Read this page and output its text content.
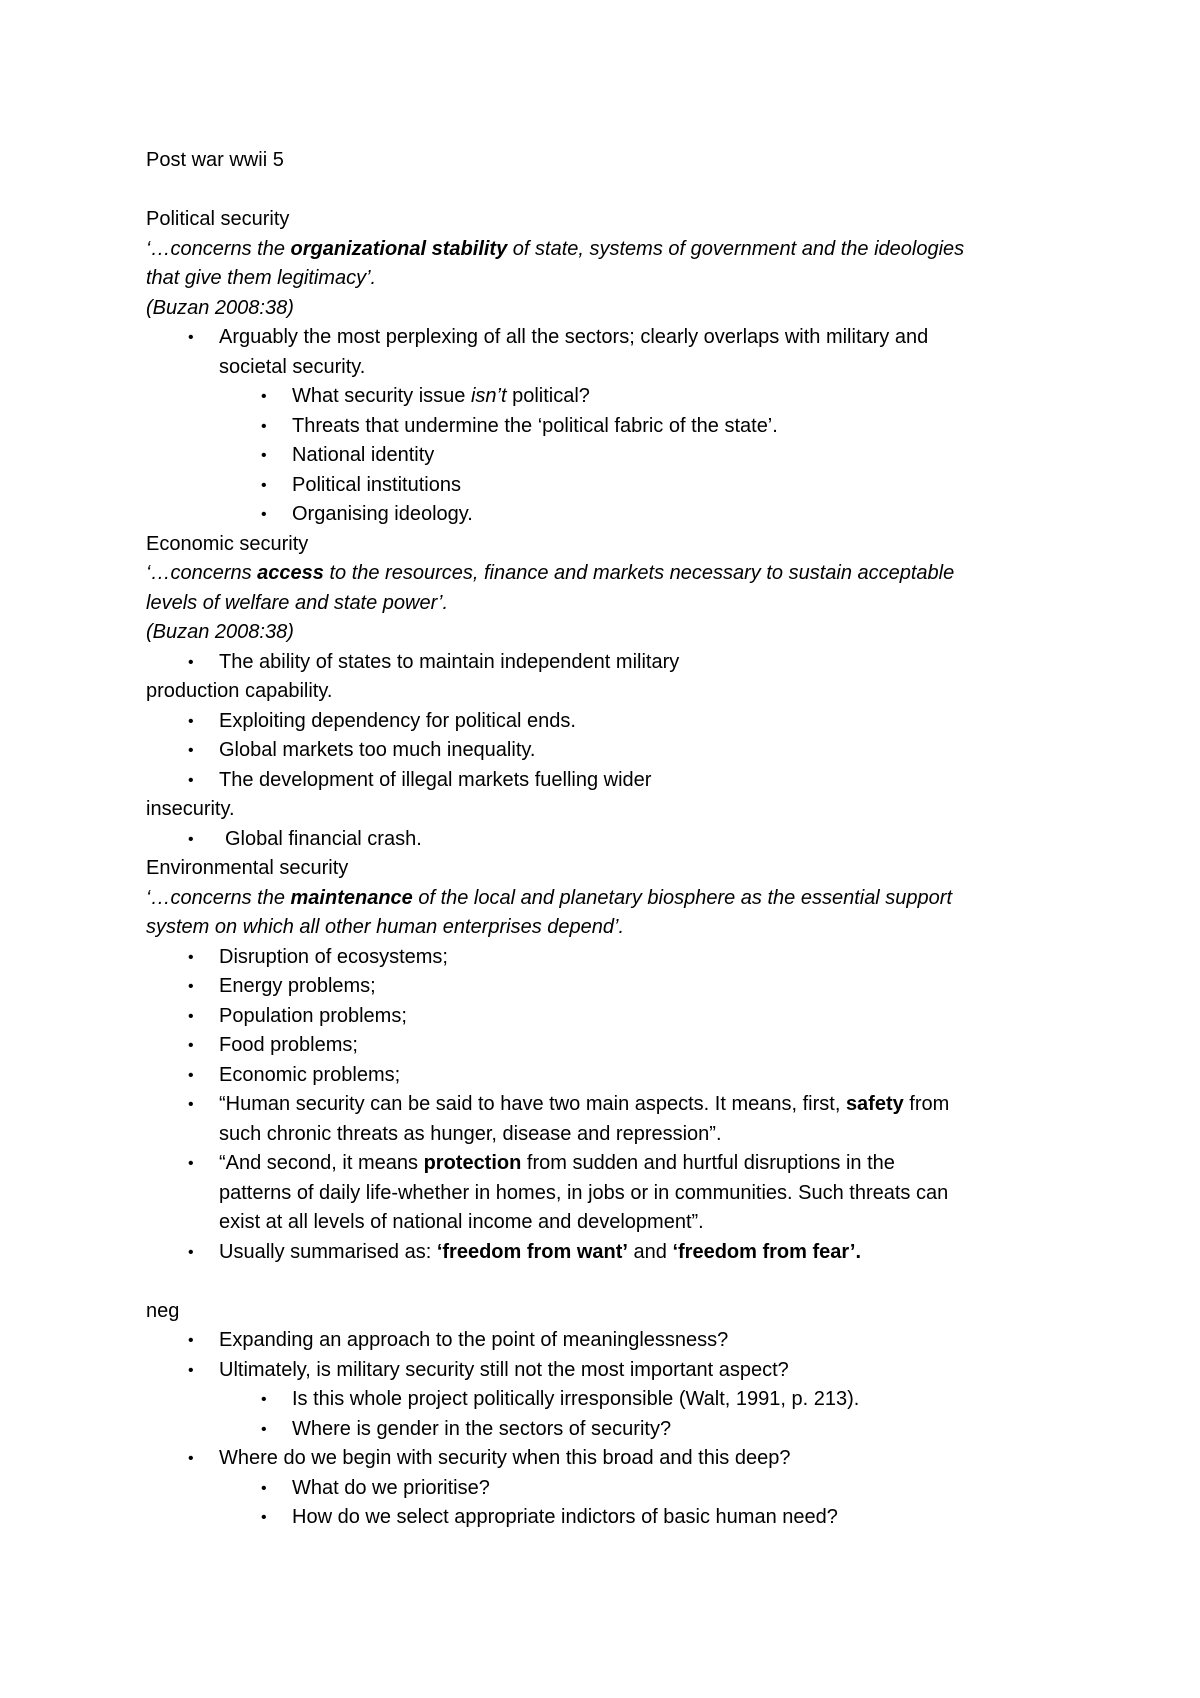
Post war wwii 5
Political security
‘…concerns the organizational stability of state, systems of government and the ideologies
that give them legitimacy’.
(Buzan 2008:38)
• Arguably the most perplexing of all the sectors; clearly overlaps with military and
societal security.
• What security issue isn’t political?
• Threats that undermine the ‘political fabric of the state’.
• National identity
• Political institutions
• Organising ideology.
Economic security
‘…concerns access to the resources, finance and markets necessary to sustain acceptable
levels of welfare and state power’.
(Buzan 2008:38)
• The ability of states to maintain independent military
production capability.
• Exploiting dependency for political ends.
• Global markets too much inequality.
• The development of illegal markets fuelling wider
insecurity.
•	Global financial crash.
Environmental security
‘…concerns the maintenance of the local and planetary biosphere as the essential support
system on which all other human enterprises depend’.
• Disruption of ecosystems;
• Energy problems;
• Population problems;
• Food problems;
• Economic problems;
• “Human security can be said to have two main aspects. It means, first, safety from
such chronic threats as hunger, disease and repression”.
• “And second, it means protection from sudden and hurtful disruptions in the
patterns of daily life-whether in homes, in jobs or in communities. Such threats can
exist at all levels of national income and development”.
• Usually summarised as: ‘freedom from want’ and ‘freedom from fear’.
neg
• Expanding an approach to the point of meaninglessness?
• Ultimately, is military security still not the most important aspect?
• Is this whole project politically irresponsible (Walt, 1991, p. 213).
• Where is gender in the sectors of security?
• Where do we begin with security when this broad and this deep?
• What do we prioritise?
• How do we select appropriate indictors of basic human need?
